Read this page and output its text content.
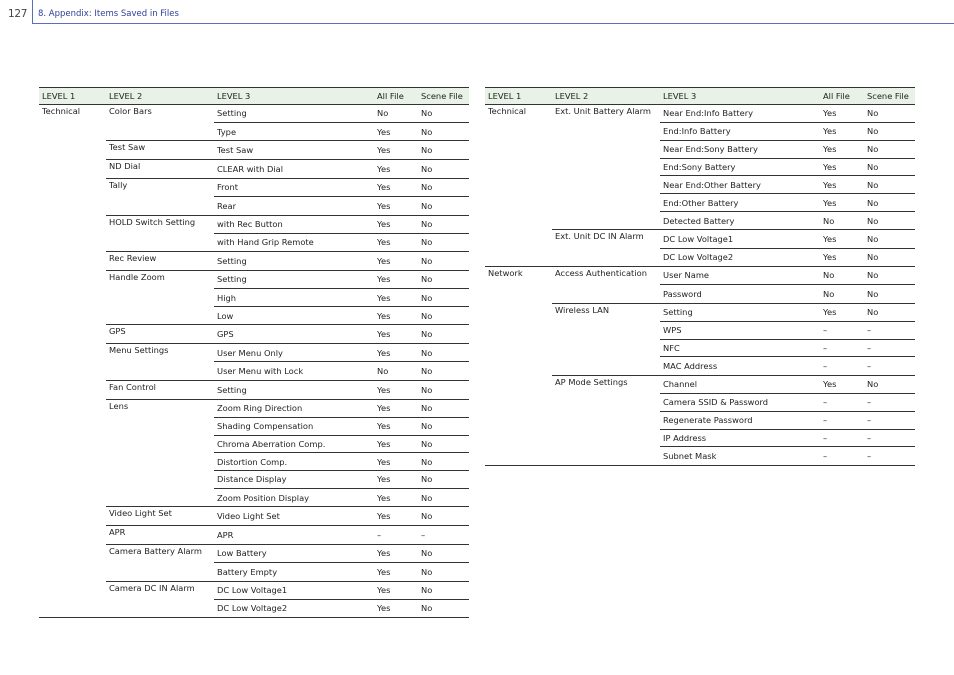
127 8. Appendix: Items Saved in Files
LEVEL 1	LEVEL 2	LEVEL 3	All File	Scene File
Technical	Color Bars	Setting	No	No
		Type	Yes	No
	Test Saw	Test Saw	Yes	No
	ND Dial	CLEAR with Dial	Yes	No
	Tally	Front	Yes	No
		Rear	Yes	No
	HOLD Switch Setting	with Rec Button	Yes	No
		with Hand Grip Remote	Yes	No
	Rec Review	Setting	Yes	No
	Handle Zoom	Setting	Yes	No
		High	Yes	No
		Low	Yes	No
	GPS	GPS	Yes	No
	Menu Settings	User Menu Only	Yes	No
		User Menu with Lock	No	No
	Fan Control	Setting	Yes	No
	Lens	Zoom Ring Direction	Yes	No
		Shading Compensation	Yes	No
		Chroma Aberration Comp.	Yes	No
		Distortion Comp.	Yes	No
		Distance Display	Yes	No
		Zoom Position Display	Yes	No
	Video Light Set	Video Light Set	Yes	No
	APR	APR	–	–
	Camera Battery Alarm	Low Battery	Yes	No
		Battery Empty	Yes	No
	Camera DC IN Alarm	DC Low Voltage1	Yes	No
		DC Low Voltage2	Yes	No
LEVEL 1	LEVEL 2	LEVEL 3	All File	Scene File
Technical	Ext. Unit Battery Alarm	Near End:Info Battery	Yes	No
		End:Info Battery	Yes	No
		Near End:Sony Battery	Yes	No
		End:Sony Battery	Yes	No
		Near End:Other Battery	Yes	No
		End:Other Battery	Yes	No
		Detected Battery	No	No
	Ext. Unit DC IN Alarm	DC Low Voltage1	Yes	No
		DC Low Voltage2	Yes	No
Network	Access Authentication	User Name	No	No
		Password	No	No
	Wireless LAN	Setting	Yes	No
		WPS	–	–
		NFC	–	–
		MAC Address	–	–
	AP Mode Settings	Channel	Yes	No
		Camera SSID & Password	–	–
		Regenerate Password	–	–
		IP Address	–	–
		Subnet Mask	–	–
